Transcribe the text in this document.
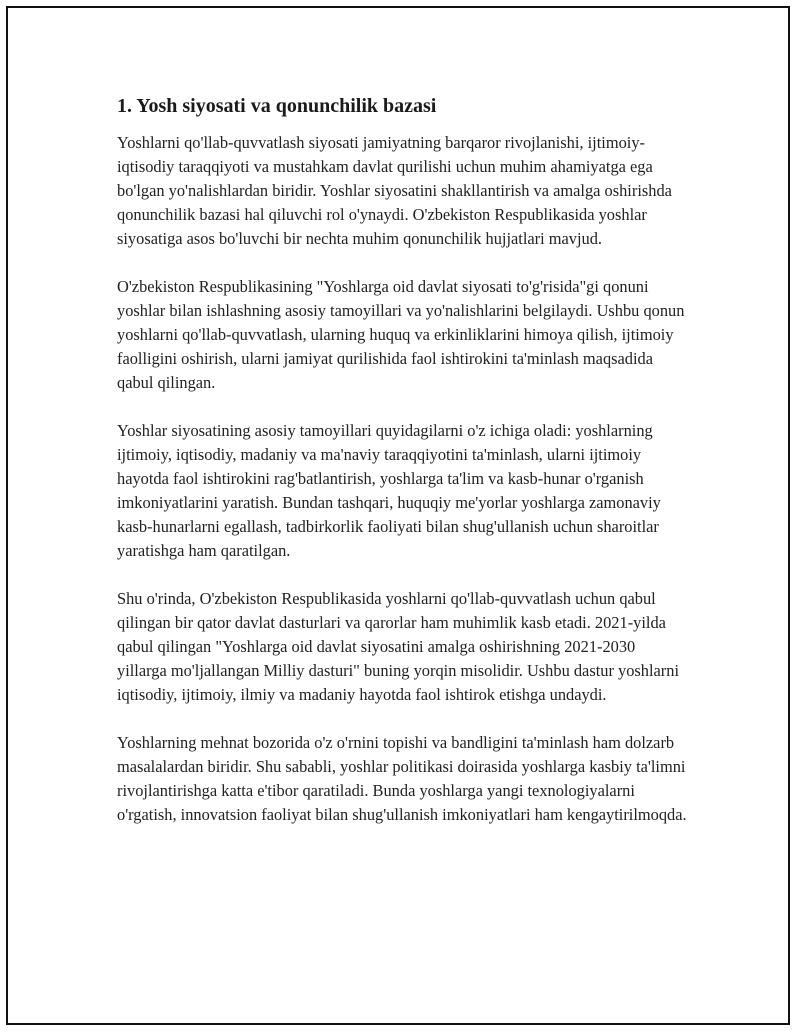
1. Yosh siyosati va qonunchilik bazasi

Yoshlarni qo'llab-quvvatlash siyosati jamiyatning barqaror rivojlanishi, ijtimoiy-iqtisodiy taraqqiyoti va mustahkam davlat qurilishi uchun muhim ahamiyatga ega bo'lgan yo'nalishlardan biridir. Yoshlar siyosatini shakllantirish va amalga oshirishda qonunchilik bazasi hal qiluvchi rol o'ynaydi. O'zbekiston Respublikasida yoshlar siyosatiga asos bo'luvchi bir nechta muhim qonunchilik hujjatlari mavjud.

O'zbekiston Respublikasining "Yoshlarga oid davlat siyosati to'g'risida"gi qonuni yoshlar bilan ishlashning asosiy tamoyillari va yo'nalishlarini belgilaydi. Ushbu qonun yoshlarni qo'llab-quvvatlash, ularning huquq va erkinliklarini himoya qilish, ijtimoiy faolligini oshirish, ularni jamiyat qurilishida faol ishtirokini ta'minlash maqsadida qabul qilingan.

Yoshlar siyosatining asosiy tamoyillari quyidagilarni o'z ichiga oladi: yoshlarning ijtimoiy, iqtisodiy, madaniy va ma'naviy taraqqiyotini ta'minlash, ularni ijtimoiy hayotda faol ishtirokini rag'batlantirish, yoshlarga ta'lim va kasb-hunar o'rganish imkoniyatlarini yaratish. Bundan tashqari, huquqiy me'yorlar yoshlarga zamonaviy kasb-hunarlarni egallash, tadbirkorlik faoliyati bilan shug'ullanish uchun sharoitlar yaratishga ham qaratilgan.

Shu o'rinda, O'zbekiston Respublikasida yoshlarni qo'llab-quvvatlash uchun qabul qilingan bir qator davlat dasturlari va qarorlar ham muhimlik kasb etadi. 2021-yilda qabul qilingan "Yoshlarga oid davlat siyosatini amalga oshirishning 2021-2030 yillarga mo'ljallangan Milliy dasturi" buning yorqin misolidir. Ushbu dastur yoshlarni iqtisodiy, ijtimoiy, ilmiy va madaniy hayotda faol ishtirok etishga undaydi.

Yoshlarning mehnat bozorida o'z o'rnini topishi va bandligini ta'minlash ham dolzarb masalalardan biridir. Shu sababli, yoshlar politikasi doirasida yoshlarga kasbiy ta'limni rivojlantirishga katta e'tibor qaratiladi. Bunda yoshlarga yangi texnologiyalarni o'rgatish, innovatsion faoliyat bilan shug'ullanish imkoniyatlari ham kengaytirilmoqda.
